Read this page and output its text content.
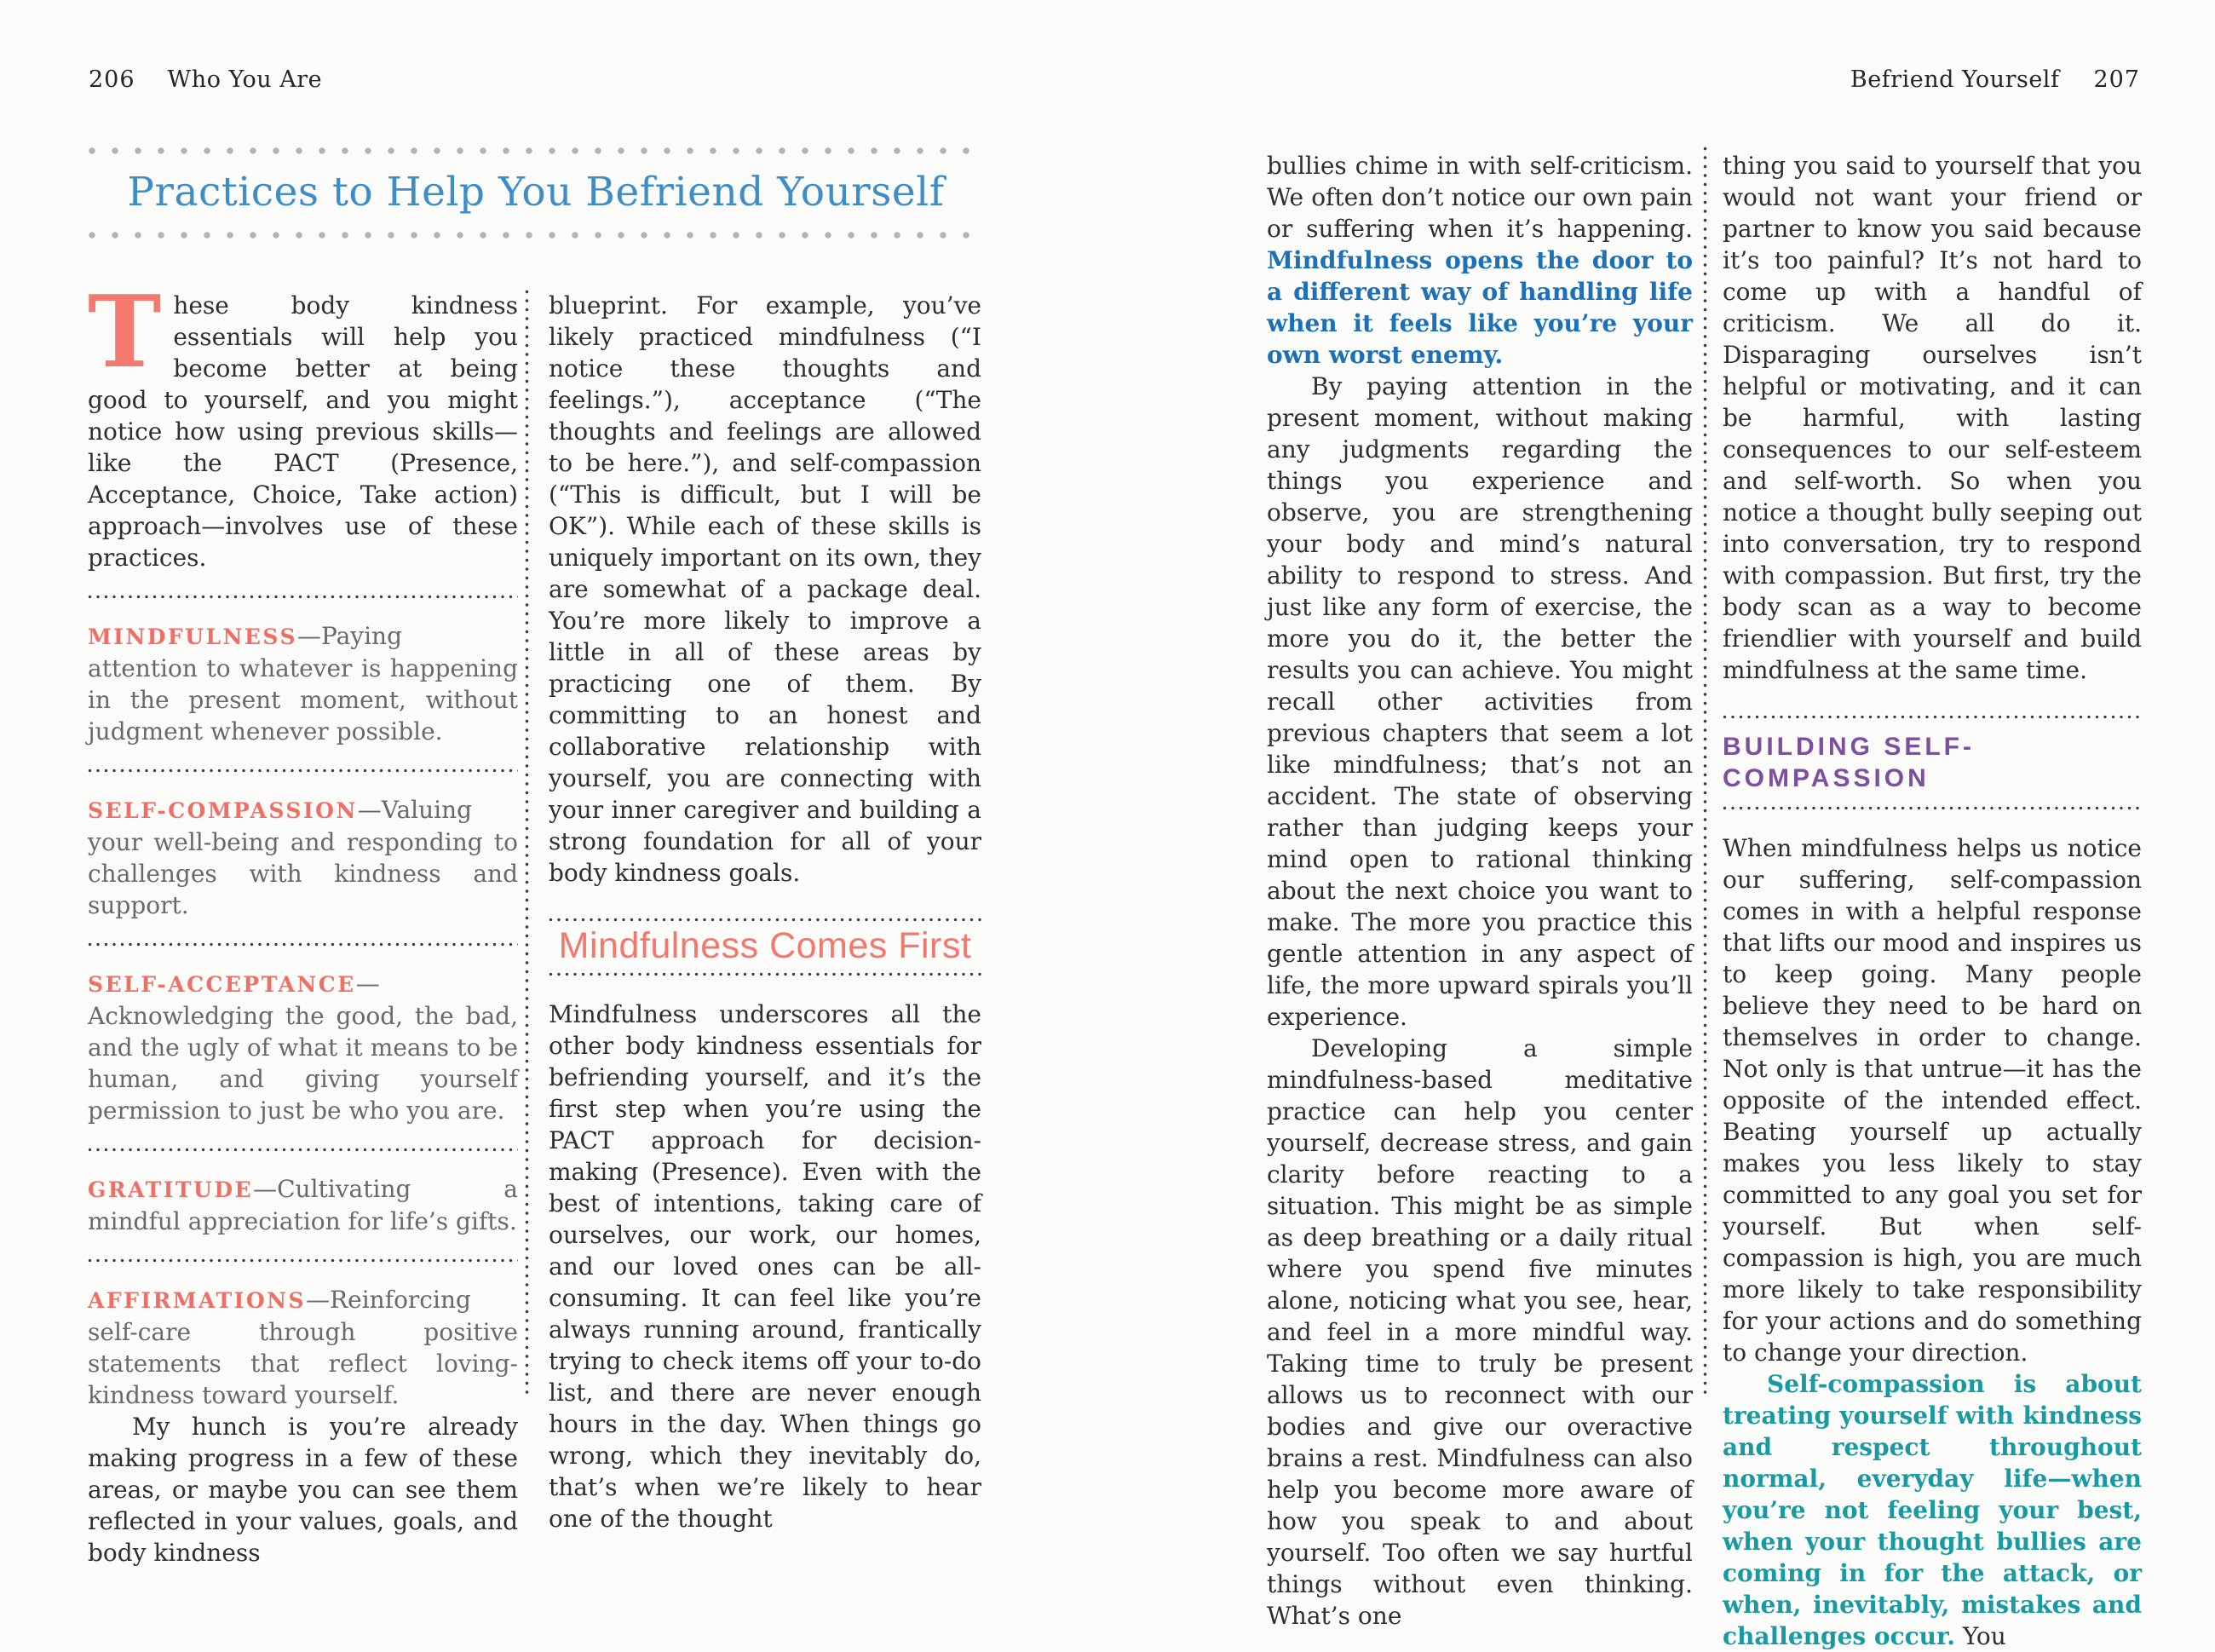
206 Who You Are	Befriend Yourself 207
Practices to Help You Befriend Yourself

These body kindness essentials will help you become better at being good to yourself, and you might notice how using previous skills—like the PACT (Presence, Acceptance, Choice, Take action) approach—involves use of these practices.

MINDFULNESS—Paying attention to whatever is happening in the present moment, without judgment whenever possible.

SELF-COMPASSION—Valuing your well-being and responding to challenges with kindness and support.

SELF-ACCEPTANCE—Acknowledging the good, the bad, and the ugly of what it means to be human, and giving yourself permission to just be who you are.

GRATITUDE—Cultivating a mindful appreciation for life’s gifts.

AFFIRMATIONS—Reinforcing self-care through positive statements that reflect loving-kindness toward yourself.

My hunch is you’re already making progress in a few of these areas, or maybe you can see them reflected in your values, goals, and body kindness

blueprint. For example, you’ve likely practiced mindfulness (“I notice these thoughts and feelings.”), acceptance (“The thoughts and feelings are allowed to be here.”), and self-compassion (“This is difficult, but I will be OK”). While each of these skills is uniquely important on its own, they are somewhat of a package deal. You’re more likely to improve a little in all of these areas by practicing one of them. By committing to an honest and collaborative relationship with yourself, you are connecting with your inner caregiver and building a strong foundation for all of your body kindness goals.

Mindfulness Comes First

Mindfulness underscores all the other body kindness essentials for befriending yourself, and it’s the first step when you’re using the PACT approach for decision-making (Presence). Even with the best of intentions, taking care of ourselves, our work, our homes, and our loved ones can be all-consuming. It can feel like you’re always running around, frantically trying to check items off your to-do list, and there are never enough hours in the day. When things go wrong, which they inevitably do, that’s when we’re likely to hear one of the thought

bullies chime in with self-criticism. We often don’t notice our own pain or suffering when it’s happening. Mindfulness opens the door to a different way of handling life when it feels like you’re your own worst enemy.

By paying attention in the present moment, without making any judgments regarding the things you experience and observe, you are strengthening your body and mind’s natural ability to respond to stress. And just like any form of exercise, the more you do it, the better the results you can achieve. You might recall other activities from previous chapters that seem a lot like mindfulness; that’s not an accident. The state of observing rather than judging keeps your mind open to rational thinking about the next choice you want to make. The more you practice this gentle attention in any aspect of life, the more upward spirals you’ll experience.

Developing a simple mindfulness-based meditative practice can help you center yourself, decrease stress, and gain clarity before reacting to a situation. This might be as simple as deep breathing or a daily ritual where you spend five minutes alone, noticing what you see, hear, and feel in a more mindful way. Taking time to truly be present allows us to reconnect with our bodies and give our overactive brains a rest. Mindfulness can also help you become more aware of how you speak to and about yourself. Too often we say hurtful things without even thinking. What’s one

thing you said to yourself that you would not want your friend or partner to know you said because it’s too painful? It’s not hard to come up with a handful of criticism. We all do it. Disparaging ourselves isn’t helpful or motivating, and it can be harmful, with lasting consequences to our self-esteem and self-worth. So when you notice a thought bully seeping out into conversation, try to respond with compassion. But first, try the body scan as a way to become friendlier with yourself and build mindfulness at the same time.

BUILDING SELF-COMPASSION

When mindfulness helps us notice our suffering, self-compassion comes in with a helpful response that lifts our mood and inspires us to keep going. Many people believe they need to be hard on themselves in order to change. Not only is that untrue—it has the opposite of the intended effect. Beating yourself up actually makes you less likely to stay committed to any goal you set for yourself. But when self-compassion is high, you are much more likely to take responsibility for your actions and do something to change your direction.

Self-compassion is about treating yourself with kindness and respect throughout normal, everyday life—when you’re not feeling your best, when your thought bullies are coming in for the attack, or when, inevitably, mistakes and challenges occur. You
